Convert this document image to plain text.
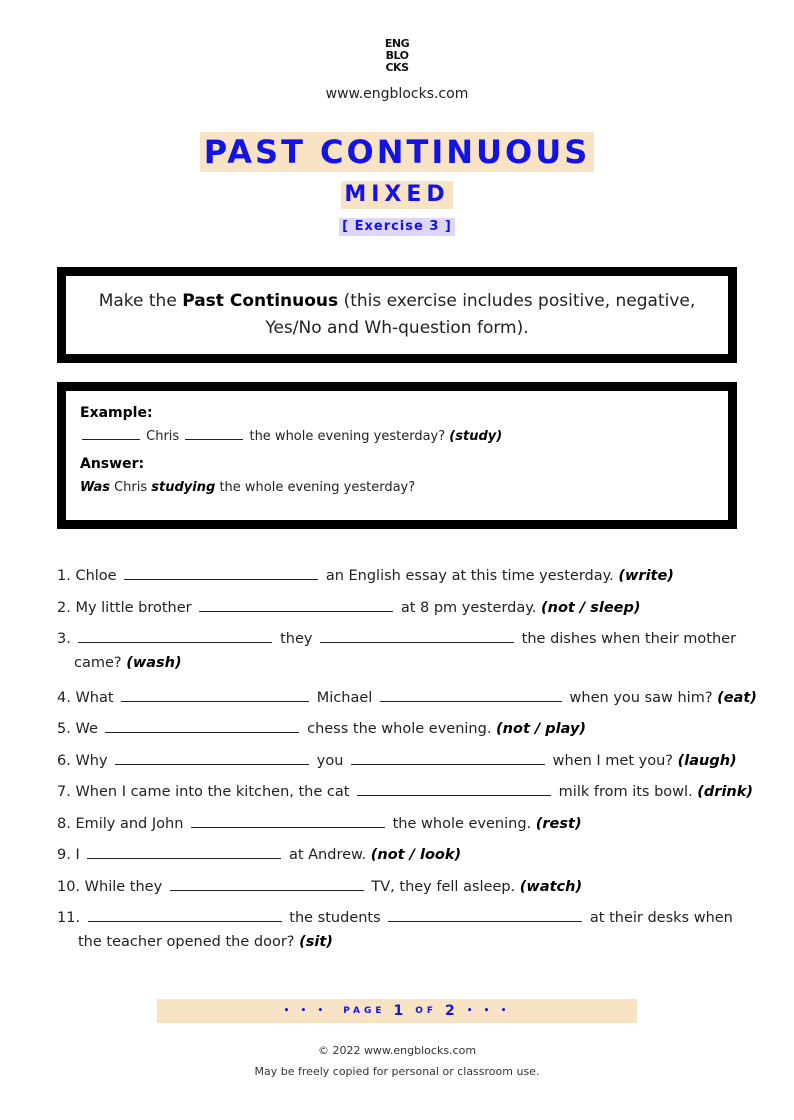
ENG
BLO
CKS
www.engblocks.com
PAST CONTINUOUS
MIXED
[ Exercise 3 ]
Make the Past Continuous (this exercise includes positive, negative, Yes/No and Wh-question form).
Example:
Chris	the whole evening yesterday? (study)
Answer:
Was Chris studying the whole evening yesterday?
1. Chloe	an English essay at this time yesterday. (write)
2. My little brother	at 8 pm yesterday. (not / sleep)
3.	they	the dishes when their mother
came? (wash)
4. What	Michael	when you saw him? (eat)
5. We	chess the whole evening. (not / play)
6. Why	you	when I met you? (laugh)
7. When I came into the kitchen, the cat	milk from its bowl. (drink)
8. Emily and John	the whole evening. (rest)
9. I	at Andrew. (not / look)
10. While they	TV, they fell asleep. (watch)
11.	the students	at their desks when
the teacher opened the door? (sit)
• • • PAGE 1 OF 2 • • •
© 2022 www.engblocks.com
May be freely copied for personal or classroom use.
